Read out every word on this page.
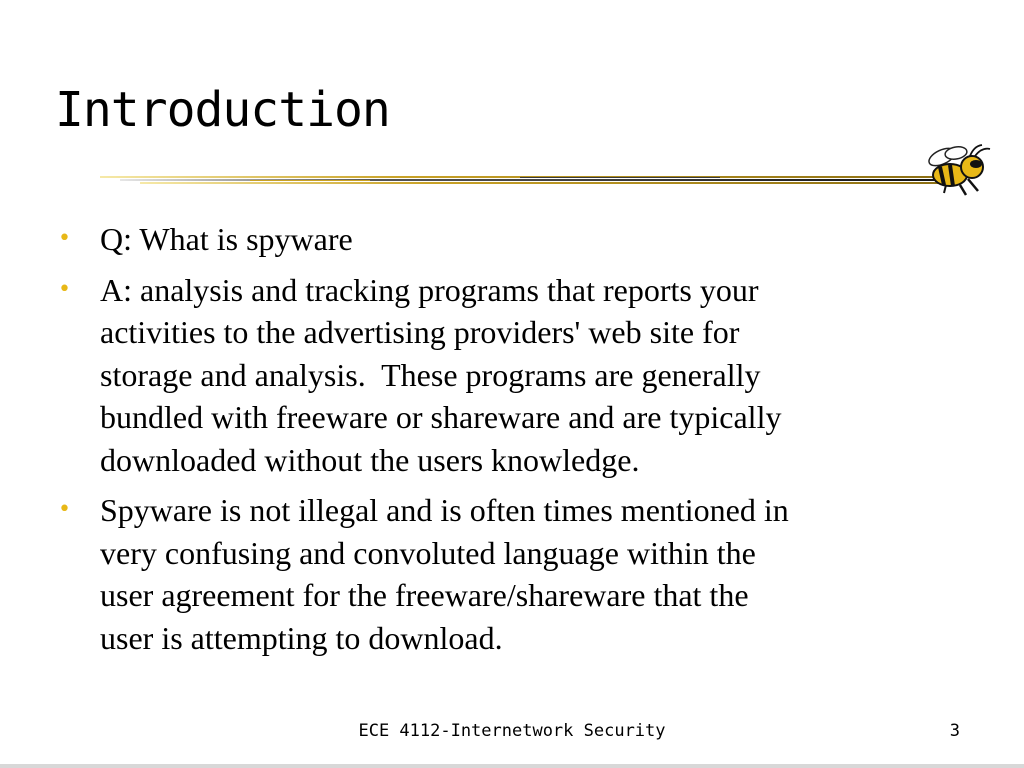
Introduction
• Q: What is spyware
• A: analysis and tracking programs that reports your
activities to the advertising providers' web site for
storage and analysis.  These programs are generally
bundled with freeware or shareware and are typically
downloaded without the users knowledge.
• Spyware is not illegal and is often times mentioned in
very confusing and convoluted language within the
user agreement for the freeware/shareware that the
user is attempting to download.
ECE 4112-Internetwork Security	3
